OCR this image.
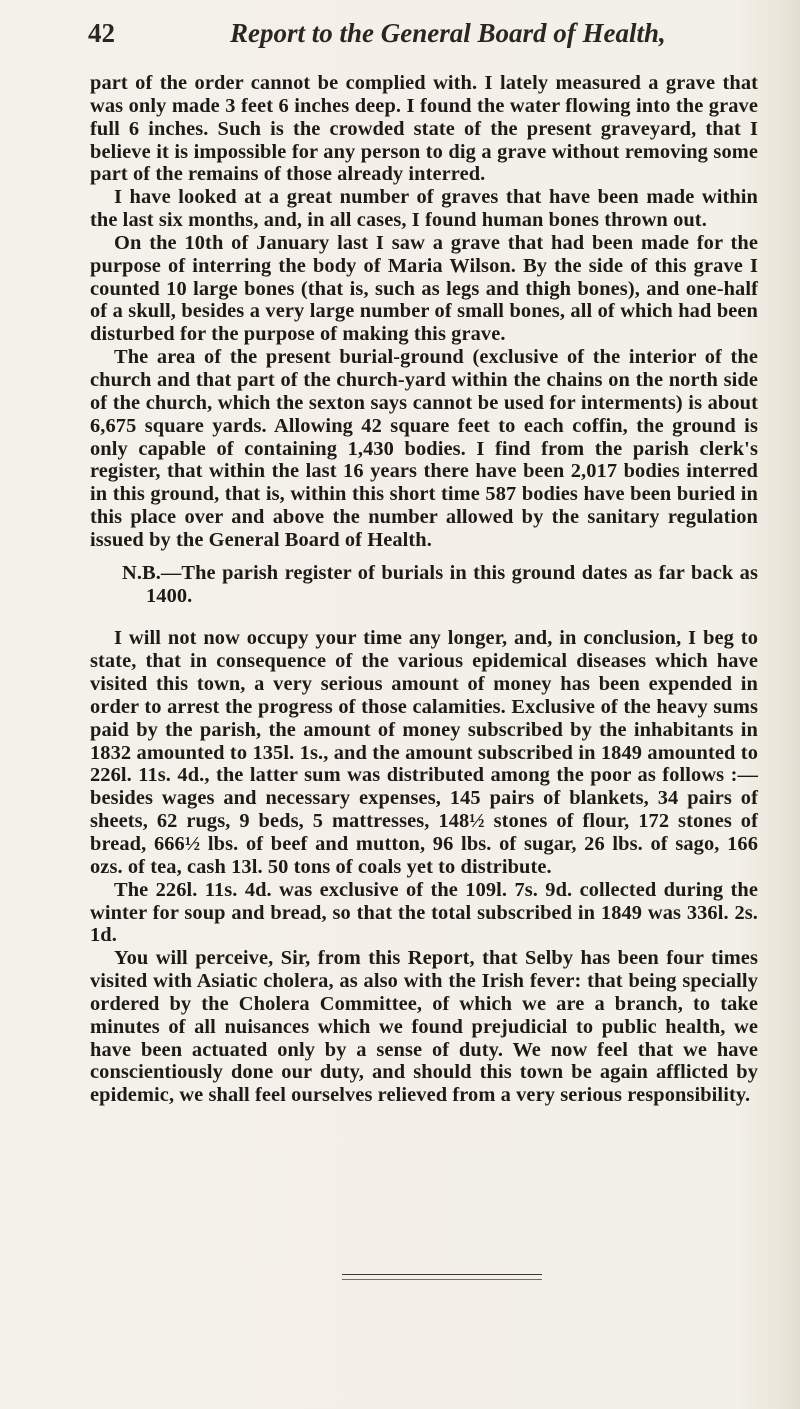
42	Report to the General Board of Health,

part of the order cannot be complied with. I lately measured a grave that was only made 3 feet 6 inches deep. I found the water flowing into the grave full 6 inches. Such is the crowded state of the present graveyard, that I believe it is impossible for any person to dig a grave without removing some part of the remains of those already interred.

I have looked at a great number of graves that have been made within the last six months, and, in all cases, I found human bones thrown out.

On the 10th of January last I saw a grave that had been made for the purpose of interring the body of Maria Wilson. By the side of this grave I counted 10 large bones (that is, such as legs and thigh bones), and one-half of a skull, besides a very large number of small bones, all of which had been disturbed for the purpose of making this grave.

The area of the present burial-ground (exclusive of the interior of the church and that part of the church-yard within the chains on the north side of the church, which the sexton says cannot be used for interments) is about 6,675 square yards. Allowing 42 square feet to each coffin, the ground is only capable of containing 1,430 bodies. I find from the parish clerk's register, that within the last 16 years there have been 2,017 bodies interred in this ground, that is, within this short time 587 bodies have been buried in this place over and above the number allowed by the sanitary regulation issued by the General Board of Health.

N.B.—The parish register of burials in this ground dates as far back as 1400.

I will not now occupy your time any longer, and, in conclusion, I beg to state, that in consequence of the various epidemical diseases which have visited this town, a very serious amount of money has been expended in order to arrest the progress of those calamities. Exclusive of the heavy sums paid by the parish, the amount of money subscribed by the inhabitants in 1832 amounted to 135l. 1s., and the amount subscribed in 1849 amounted to 226l. 11s. 4d., the latter sum was distributed among the poor as follows :—besides wages and necessary expenses, 145 pairs of blankets, 34 pairs of sheets, 62 rugs, 9 beds, 5 mattresses, 148½ stones of flour, 172 stones of bread, 666½ lbs. of beef and mutton, 96 lbs. of sugar, 26 lbs. of sago, 166 ozs. of tea, cash 13l. 50 tons of coals yet to distribute.

The 226l. 11s. 4d. was exclusive of the 109l. 7s. 9d. collected during the winter for soup and bread, so that the total subscribed in 1849 was 336l. 2s. 1d.

You will perceive, Sir, from this Report, that Selby has been four times visited with Asiatic cholera, as also with the Irish fever: that being specially ordered by the Cholera Committee, of which we are a branch, to take minutes of all nuisances which we found prejudicial to public health, we have been actuated only by a sense of duty. We now feel that we have conscientiously done our duty, and should this town be again afflicted by epidemic, we shall feel ourselves relieved from a very serious responsibility.
